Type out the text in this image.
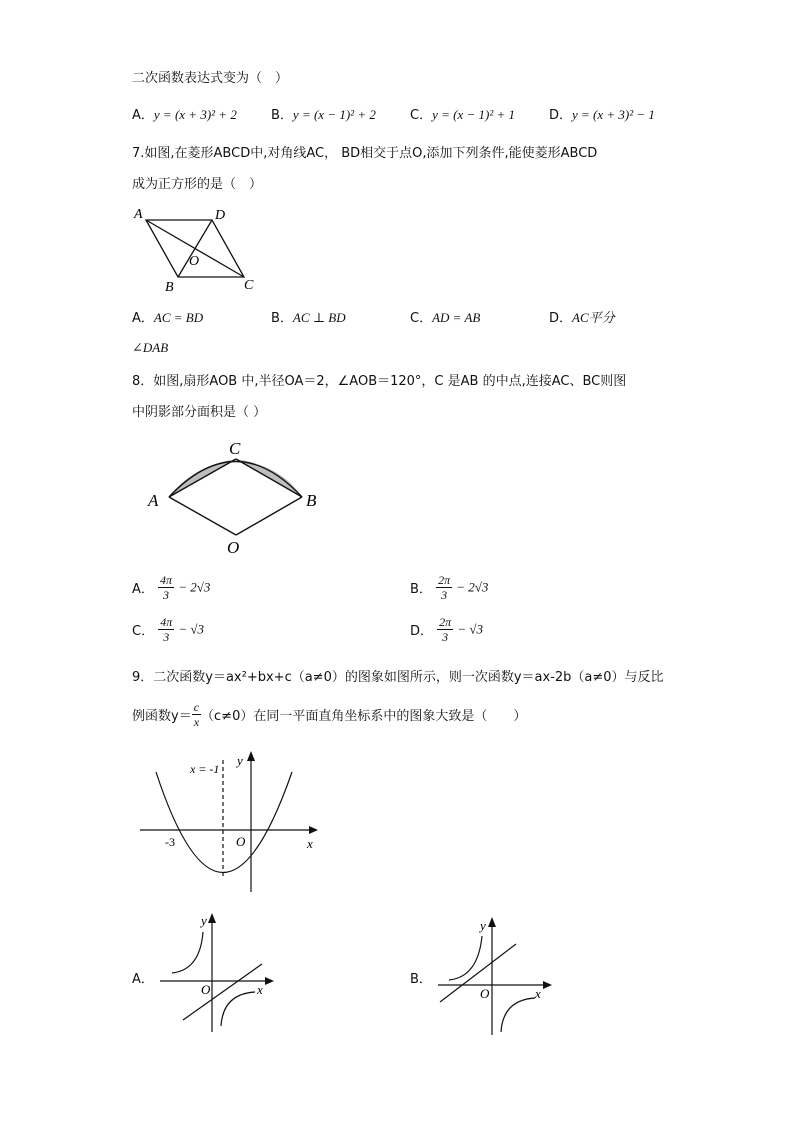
二次函数表达式变为（　）
A．y = (x + 3)² + 2	B．y = (x − 1)² + 2	C．y = (x − 1)² + 1	D．y = (x + 3)² − 1
7.如图,在菱形ABCD中,对角线AC， BD相交于点O,添加下列条件,能使菱形ABCD
成为正方形的是（　）
A	D
O
B	C
A．AC = BD	B．AC ⊥ BD	C．AD = AB	D．AC平分
∠DAB
8．如图,扇形AOB 中,半径OA＝2，∠AOB＝120°，C 是AB 的中点,连接AC、BC则图
中阴影部分面积是（ ）
C
A	B
O
A． $\frac{4\pi}{3} - 2√3$	B． $\frac{2\pi}{3} - 2√3$
C． $\frac{4\pi}{3} - √3$	D． $\frac{2\pi}{3} - √3$
9．二次函数y＝ax²+bx+c（a≠0）的图象如图所示，则一次函数y＝ax-2b（a≠0）与反比
例函数$y= \frac{c}{x} (c\ne 0)$在同一平面直角坐标系中的图象大致是（　　）
x
y
O
-3
x = -1
A．
x
y
O
B．
x
y
O
